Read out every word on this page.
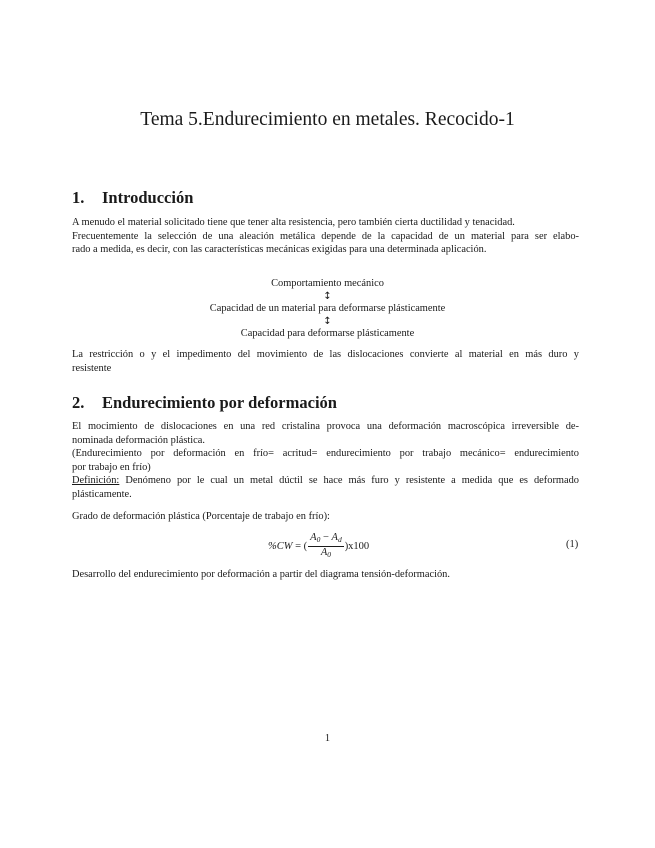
Tema 5.Endurecimiento en metales. Recocido-1
1. Introducción
A menudo el material solicitado tiene que tener alta resistencia, pero también cierta ductilidad y tenacidad.
Frecuentemente la selección de una aleación metálica depende de la capacidad de un material para ser elabo-
rado a medida, es decir, con las características mecánicas exigidas para una determinada aplicación.
Comportamiento mecánico
↕
Capacidad de un material para deformarse plásticamente
↕
Capacidad para deformarse plásticamente
La restricción o y el impedimento del movimiento de las dislocaciones convierte al material en más duro y
resistente
2. Endurecimiento por deformación
El mocimiento de dislocaciones en una red cristalina provoca una deformación macroscópica irreversible de-
nominada deformación plástica.
(Endurecimiento por deformación en frío= acritud= endurecimiento por trabajo mecánico= endurecimiento
por trabajo en frío)
Definición: Denómeno por le cual un metal dúctil se hace más furo y resistente a medida que es deformado
plásticamente.
Grado de deformación plástica (Porcentaje de trabajo en frío):
%CW = ( $\frac{A_0 - A_d}{A_0} )x100$	(1)
Desarrollo del endurecimiento por deformación a partir del diagrama tensión-deformación.
1
